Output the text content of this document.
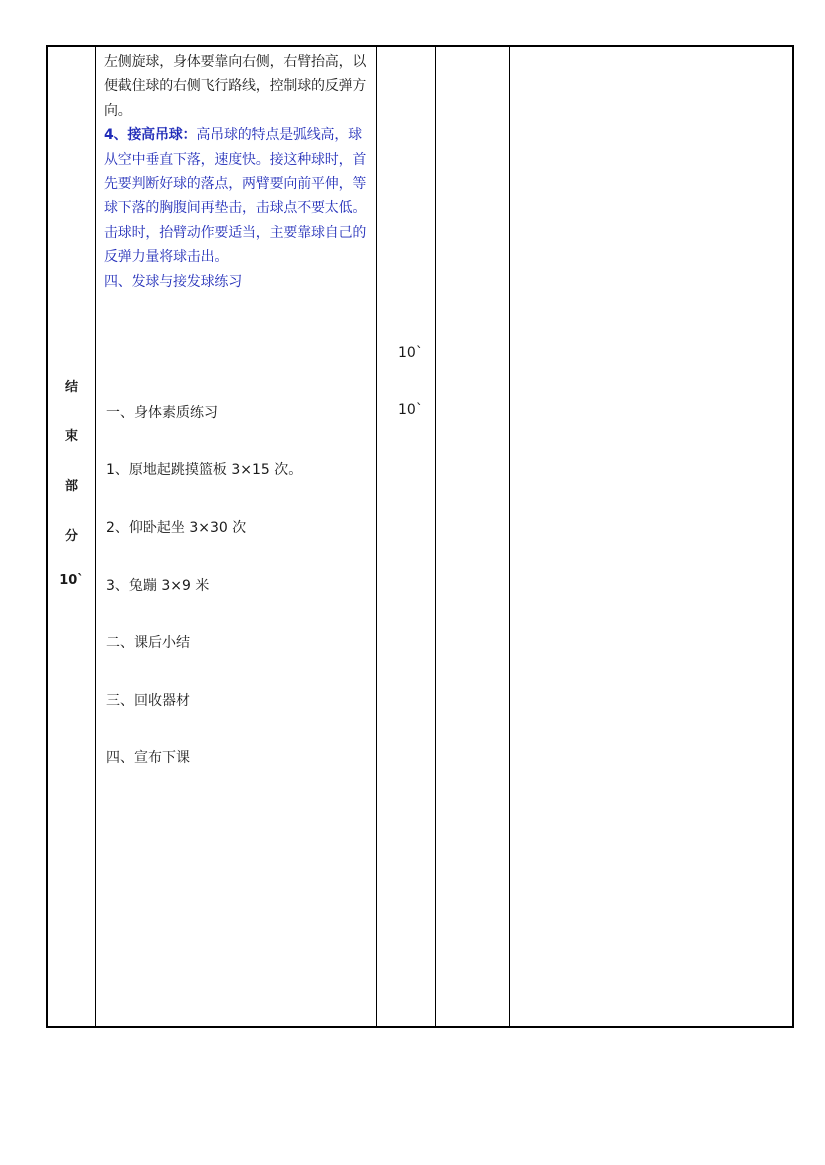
结
束
部
分
10`
左侧旋球，身体要靠向右侧，右臂抬高，以便截住球的右侧飞行路线，控制球的反弹方向。
4、接高吊球：高吊球的特点是弧线高，球从空中垂直下落，速度快。接这种球时，首先要判断好球的落点，两臂要向前平伸，等球下落的胸腹间再垫击，击球点不要太低。击球时，抬臂动作要适当，主要靠球自己的反弹力量将球击出。
四、发球与接发球练习
10`
10`
一、身体素质练习
1、原地起跳摸篮板 3×15 次。
2、仰卧起坐 3×30 次
3、兔蹦 3×9 米
二、课后小结
三、回收器材
四、宣布下课
